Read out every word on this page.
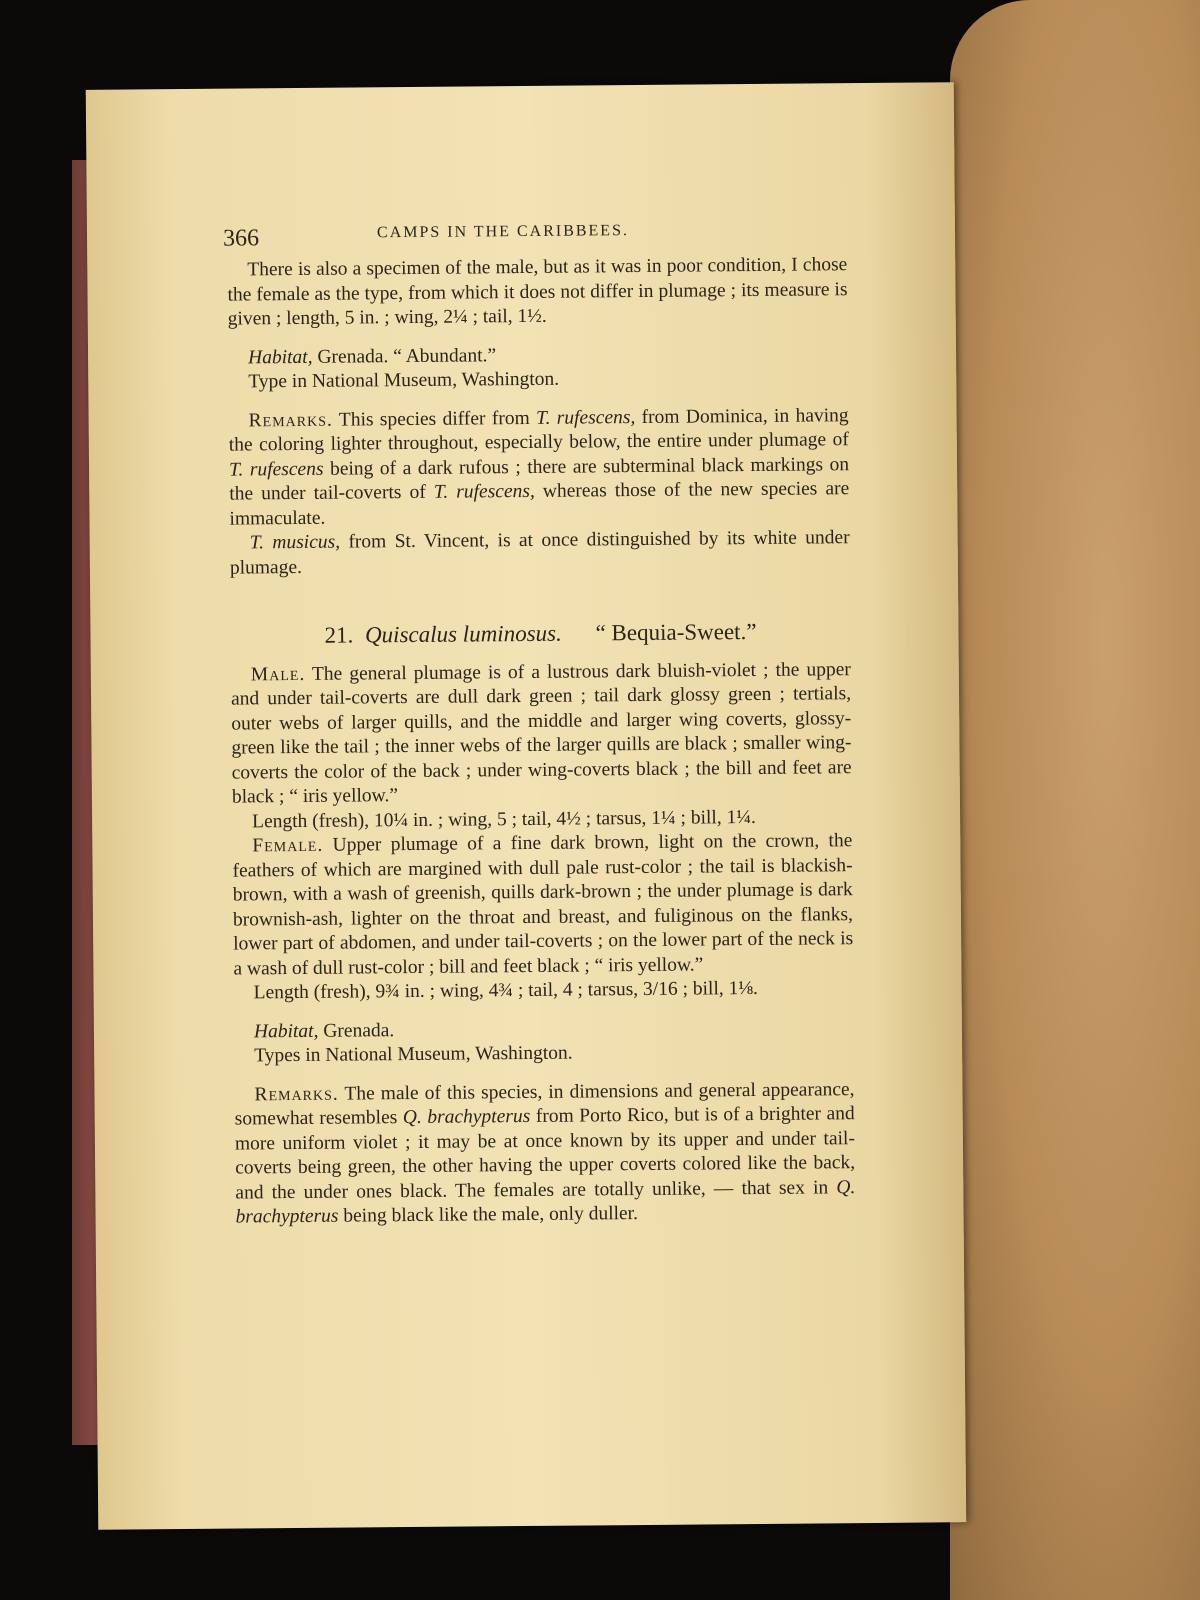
366	CAMPS IN THE CARIBBEES.

There is also a specimen of the male, but as it was in poor condition, I chose the female as the type, from which it does not differ in plumage ; its measure is given ; length, 5 in. ; wing, 2¼ ; tail, 1½.

Habitat, Grenada. “ Abundant.”

Type in National Museum, Washington.

Remarks. This species differ from T. rufescens, from Dominica, in having the coloring lighter throughout, especially below, the entire under plumage of T. rufescens being of a dark rufous ; there are subterminal black markings on the under tail-coverts of T. rufescens, whereas those of the new species are immaculate.

T. musicus, from St. Vincent, is at once distinguished by its white under plumage.

21. Quiscalus luminosus. “ Bequia-Sweet.”

Male. The general plumage is of a lustrous dark bluish-violet ; the upper and under tail-coverts are dull dark green ; tail dark glossy green ; tertials, outer webs of larger quills, and the middle and larger wing coverts, glossy-green like the tail ; the inner webs of the larger quills are black ; smaller wing-coverts the color of the back ; under wing-coverts black ; the bill and feet are black ; “ iris yellow.”

Length (fresh), 10¼ in. ; wing, 5 ; tail, 4½ ; tarsus, 1¼ ; bill, 1¼.

Female. Upper plumage of a fine dark brown, light on the crown, the feathers of which are margined with dull pale rust-color ; the tail is blackish-brown, with a wash of greenish, quills dark-brown ; the under plumage is dark brownish-ash, lighter on the throat and breast, and fuliginous on the flanks, lower part of abdomen, and under tail-coverts ; on the lower part of the neck is a wash of dull rust-color ; bill and feet black ; “ iris yellow.”

Length (fresh), 9¾ in. ; wing, 4¾ ; tail, 4 ; tarsus, 3/16 ; bill, 1⅛.

Habitat, Grenada.

Types in National Museum, Washington.

Remarks. The male of this species, in dimensions and general appearance, somewhat resembles Q. brachypterus from Porto Rico, but is of a brighter and more uniform violet ; it may be at once known by its upper and under tail-coverts being green, the other having the upper coverts colored like the back, and the under ones black. The females are totally unlike, — that sex in Q. brachypterus being black like the male, only duller.
